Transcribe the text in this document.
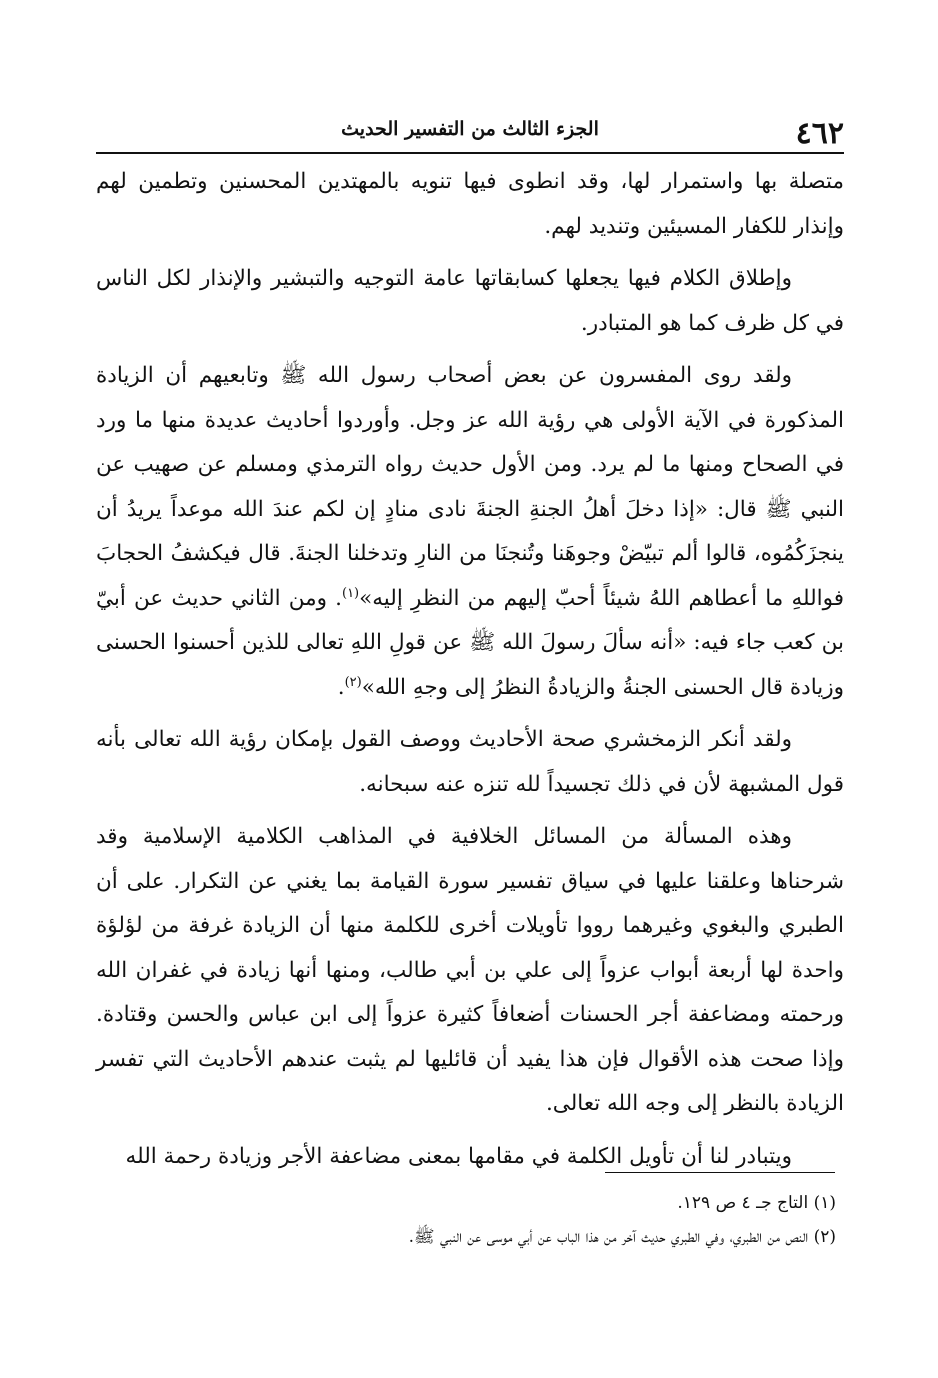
٤٦٢
الجزء الثالث من التفسير الحديث

متصلة بها واستمرار لها، وقد انطوى فيها تنويه بالمهتدين المحسنين وتطمين لهم وإنذار للكفار المسيئين وتنديد لهم.

وإطلاق الكلام فيها يجعلها كسابقاتها عامة التوجيه والتبشير والإنذار لكل الناس في كل ظرف كما هو المتبادر.

ولقد روى المفسرون عن بعض أصحاب رسول الله ﷺ وتابعيهم أن الزيادة المذكورة في الآية الأولى هي رؤية الله عز وجل. وأوردوا أحاديث عديدة منها ما ورد في الصحاح ومنها ما لم يرد. ومن الأول حديث رواه الترمذي ومسلم عن صهيب عن النبي ﷺ قال: «إذا دخلَ أهلُ الجنةِ الجنةَ نادى منادٍ إن لكم عندَ الله موعداً يريدُ أن ينجزَكُمُوه، قالوا ألم تبيّضْ وجوهَنا وتُنجنَا من النارِ وتدخلنا الجنةَ. قال فيكشفُ الحجابَ فواللهِ ما أعطاهم اللهُ شيئاً أحبّ إليهم من النظرِ إليه»$^{(١)}$. ومن الثاني حديث عن أبيّ بن كعب جاء فيه: «أنه سألَ رسولَ الله ﷺ عن قولِ اللهِ تعالى للذين أحسنوا الحسنى وزيادة قال الحسنى الجنةُ والزيادةُ النظرُ إلى وجهِ الله»$^{(٢)}$.

ولقد أنكر الزمخشري صحة الأحاديث ووصف القول بإمكان رؤية الله تعالى بأنه قول المشبهة لأن في ذلك تجسيداً لله تنزه عنه سبحانه.

وهذه المسألة من المسائل الخلافية في المذاهب الكلامية الإسلامية وقد شرحناها وعلقنا عليها في سياق تفسير سورة القيامة بما يغني عن التكرار. على أن الطبري والبغوي وغيرهما رووا تأويلات أخرى للكلمة منها أن الزيادة غرفة من لؤلؤة واحدة لها أربعة أبواب عزواً إلى علي بن أبي طالب، ومنها أنها زيادة في غفران الله ورحمته ومضاعفة أجر الحسنات أضعافاً كثيرة عزواً إلى ابن عباس والحسن وقتادة. وإذا صحت هذه الأقوال فإن هذا يفيد أن قائليها لم يثبت عندهم الأحاديث التي تفسر الزيادة بالنظر إلى وجه الله تعالى.

ويتبادر لنا أن تأويل الكلمة في مقامها بمعنى مضاعفة الأجر وزيادة رحمة الله

(١) التاج جـ ٤ ص ١٢٩.

(٢) النص من الطبري، وفي الطبري حديث آخر من هذا الباب عن أبي موسى عن النبي ﷺ.
